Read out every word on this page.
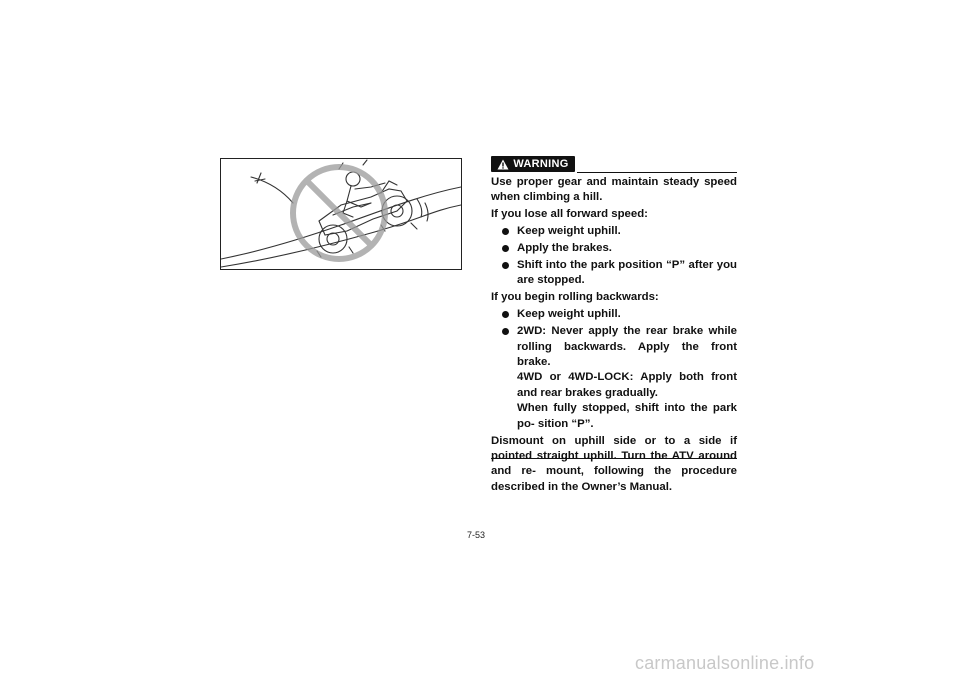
WARNING

Use proper gear and maintain steady speed when climbing a hill.

If you lose all forward speed:

Keep weight uphill.
Apply the brakes.
Shift into the park position “P” after you are stopped.

If you begin rolling backwards:

Keep weight uphill.
2WD: Never apply the rear brake while rolling backwards. Apply the front brake.
4WD or 4WD-LOCK: Apply both front and rear brakes gradually.
When fully stopped, shift into the park po- sition “P”.

Dismount on uphill side or to a side if pointed straight uphill. Turn the ATV around and re- mount, following the procedure described in the Owner’s Manual.

7-53
carmanualsonline.info
